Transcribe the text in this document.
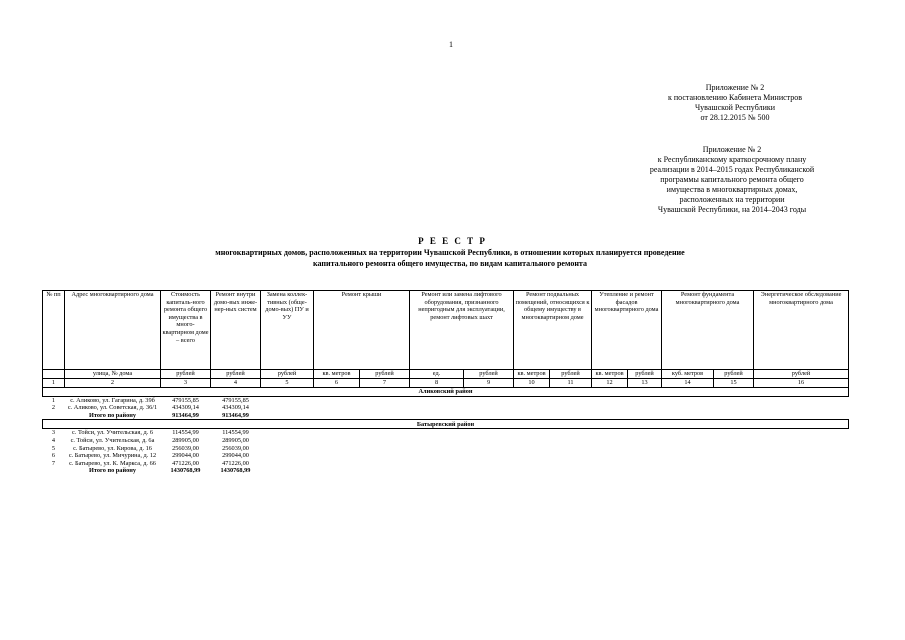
1
Приложение № 2
к постановлению Кабинета Министров
Чувашской Республики
от 28.12.2015 № 500
Приложение № 2
к Республиканскому краткосрочному плану
реализации в 2014–2015 годах Республиканской
программы капитального ремонта общего
имущества в многоквартирных домах,
расположенных на территории
Чувашской Республики, на 2014–2043 годы
Р Е Е С Т Р
многоквартирных домов, расположенных на территории Чувашской Республики, в отношении которых планируется проведение
капитального ремонта общего имущества, по видам капитального ремонта
№ пп	Адрес многоквартирного дома	Стоимость капиталь-ного ремонта общего имущества в много-квартирном доме – всего	Ремонт внутри домо-вых инже-нер-ных систем	Замена коллек-тивных (обще-домо-вых) ПУ и УУ	Ремонт крыши		Ремонт или замена лифтового оборудования, признанного непригодным для эксплуатации, ремонт лифтовых шахт		Ремонт подвальных помещений, относящихся к общему имуществу в многоквартирном доме		Утепление и ремонт фасадов многоквартирного дома		Ремонт фундамента многоквартирного дома		Энергетическое обследование многоквартирного дома
	улица, № дома	рублей	рублей	рублей	кв. метров	рублей	ед.	рублей	кв. метров	рублей	кв. метров	рублей	куб. метров	рублей	рублей
1	2	3	4	5	6	7	8	9	10	11	12	13	14	15	16
Аликовский район															
1	с. Аликово, ул. Гагарина, д. 39б	479155,85	479155,85												
2	с. Аликово, ул. Советская, д. 36/1	434309,14	434309,14												
	Итого по району	913464,99	913464,99												
Батыревский район															
3	с. Тойси, ул. Учительская, д. 6	114554,99	114554,99												
4	с. Тойси, ул. Учительская, д. 6а	289905,00	289905,00												
5	с. Батырево, ул. Кирова, д. 16	256039,00	256039,00												
6	с. Батырево, ул. Мичурина, д. 12	299044,00	299044,00												
7	с. Батырево, ул. К. Маркса, д. 66	471226,00	471226,00												
	Итого по району	1430768,99	1430768,99												
